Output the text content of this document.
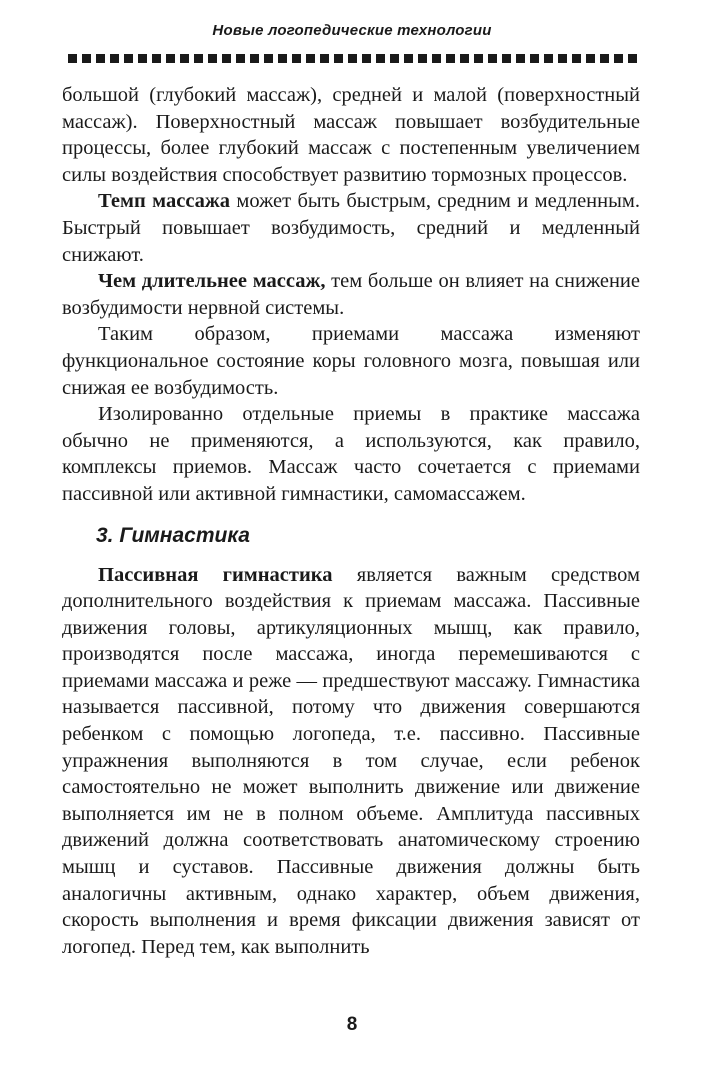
Новые логопедические технологии

большой (глубокий массаж), средней и малой (поверхностный массаж). Поверхностный массаж повышает возбудительные процессы, более глубокий массаж с постепенным увеличением силы воздействия способствует развитию тормозных процессов.

Темп массажа может быть быстрым, средним и медленным. Быстрый повышает возбудимость, средний и медленный снижают.

Чем длительнее массаж, тем больше он влияет на снижение возбудимости нервной системы.

Таким образом, приемами массажа изменяют функциональное состояние коры головного мозга, повышая или снижая ее возбудимость.

Изолированно отдельные приемы в практике массажа обычно не применяются, а используются, как правило, комплексы приемов. Массаж часто сочетается с приемами пассивной или активной гимнастики, самомассажем.

3. Гимнастика

Пассивная гимнастика является важным средством дополнительного воздействия к приемам массажа. Пассивные движения головы, артикуляционных мышц, как правило, производятся после массажа, иногда перемешиваются с приемами массажа и реже — предшествуют массажу. Гимнастика называется пассивной, потому что движения совершаются ребенком с помощью логопеда, т.е. пассивно. Пассивные упражнения выполняются в том случае, если ребенок самостоятельно не может выполнить движение или движение выполняется им не в полном объеме. Амплитуда пассивных движений должна соответствовать анатомическому строению мышц и суставов. Пассивные движения должны быть аналогичны активным, однако характер, объем движения, скорость выполнения и время фиксации движения зависят от логопед. Перед тем, как выполнить

8
